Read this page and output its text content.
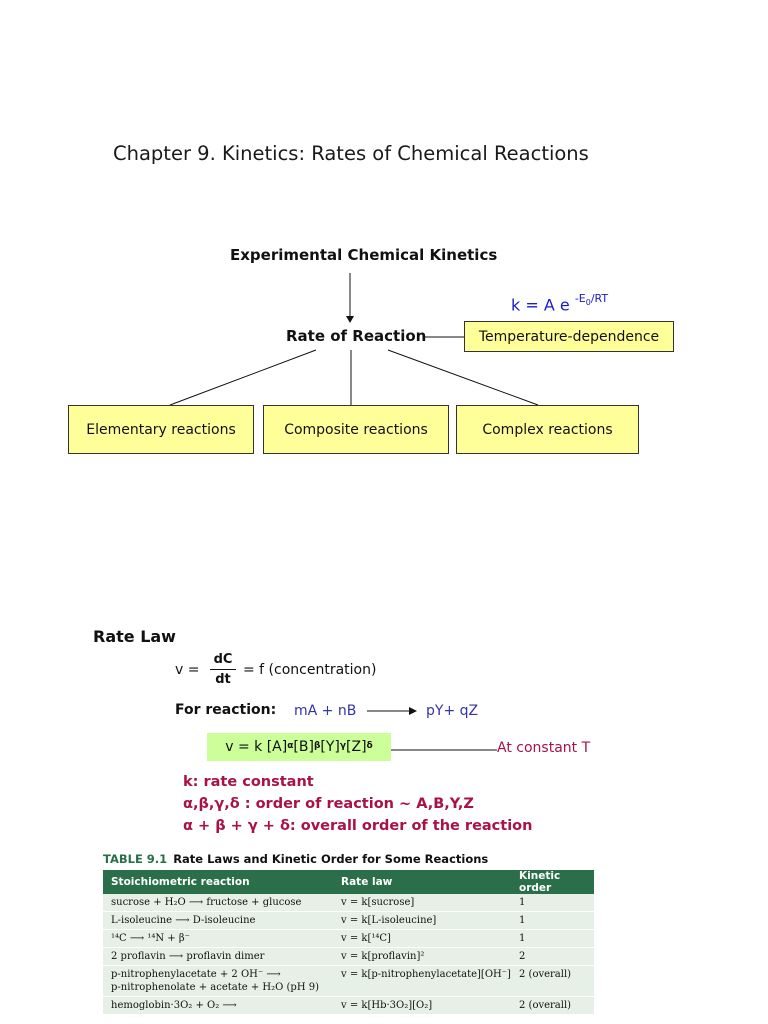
Chapter 9. Kinetics: Rates of Chemical Reactions
Experimental Chemical Kinetics
Rate of Reaction
k = A e $^{-E_0/RT}$
Temperature-dependence
Elementary reactions	Composite reactions	Complex reactions
Rate Law
v =
dC
dt
= f (concentration)
For reaction: mA + nB → pY+ qZ
v = k $[A]^\alpha$ $[B]^\beta$ $[Y]^\gamma$ $[Z]^\delta$	At constant T
k: rate constant
α,β,γ,δ : order of reaction ~ A,B,Y,Z
α + β + γ + δ: overall order of the reaction
TABLE 9.1 Rate Laws and Kinetic Order for Some Reactions
Stoichiometric reaction	Rate law	Kinetic order
sucrose + H₂O ⟶ fructose + glucose	v = k[sucrose]	1
L-isoleucine ⟶ D-isoleucine	v = k[L-isoleucine]	1
¹⁴C ⟶ ¹⁴N + β⁻	v = k[¹⁴C]	1
2 proflavin ⟶ proflavin dimer	v = k[proflavin]²	2
p-nitrophenylacetate + 2 OH⁻ ⟶
p-nitrophenolate + acetate + H₂O (pH 9)	v = k[p-nitrophenylacetate][OH⁻]	2 (overall)
hemoglobin·3O₂ + O₂ ⟶	v = k[Hb·3O₂][O₂]	2 (overall)
